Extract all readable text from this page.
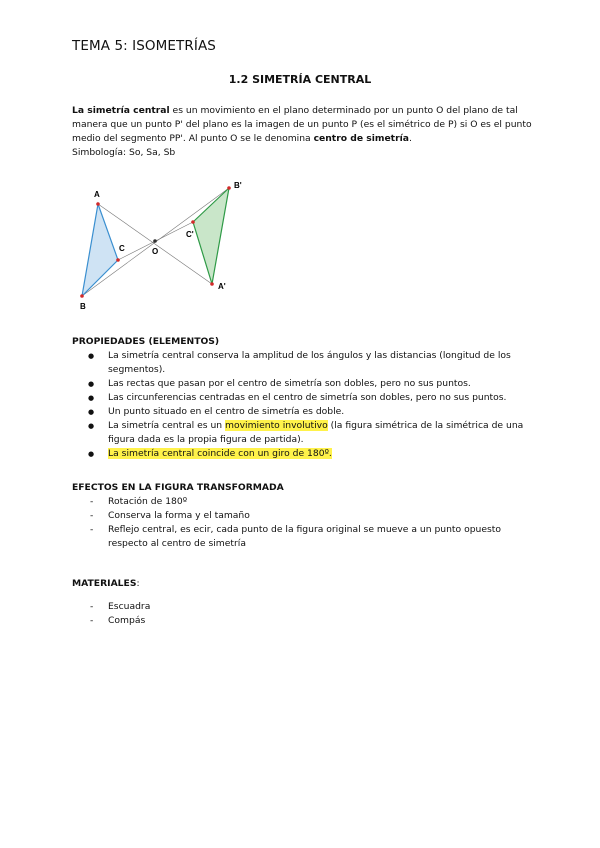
TEMA 5: ISOMETRÍAS
1.2 SIMETRÍA CENTRAL

La simetría central es un movimiento en el plano determinado por un punto O del plano de tal manera que un punto P' del plano es la imagen de un punto P (es el simétrico de P) si O es el punto medio del segmento PP'. Al punto O se le denomina centro de simetría.

Simbología: So, Sa, Sb

A
B
C	O
A'
B'
C'

PROPIEDADES (ELEMENTOS)

● La simetría central conserva la amplitud de los ángulos y las distancias (longitud de los segmentos).
● Las rectas que pasan por el centro de simetría son dobles, pero no sus puntos.
● Las circunferencias centradas en el centro de simetría son dobles, pero no sus puntos.
● Un punto situado en el centro de simetría es doble.
● La simetría central es un movimiento involutivo (la figura simétrica de la simétrica de una figura dada es la propia figura de partida).
● La simetría central coincide con un giro de 180º.

EFECTOS EN LA FIGURA TRANSFORMADA

- Rotación de 180º
- Conserva la forma y el tamaño
- Reflejo central, es ecir, cada punto de la figura original se mueve a un punto opuesto respecto al centro de simetría

MATERIALES:

- Escuadra
- Compás
